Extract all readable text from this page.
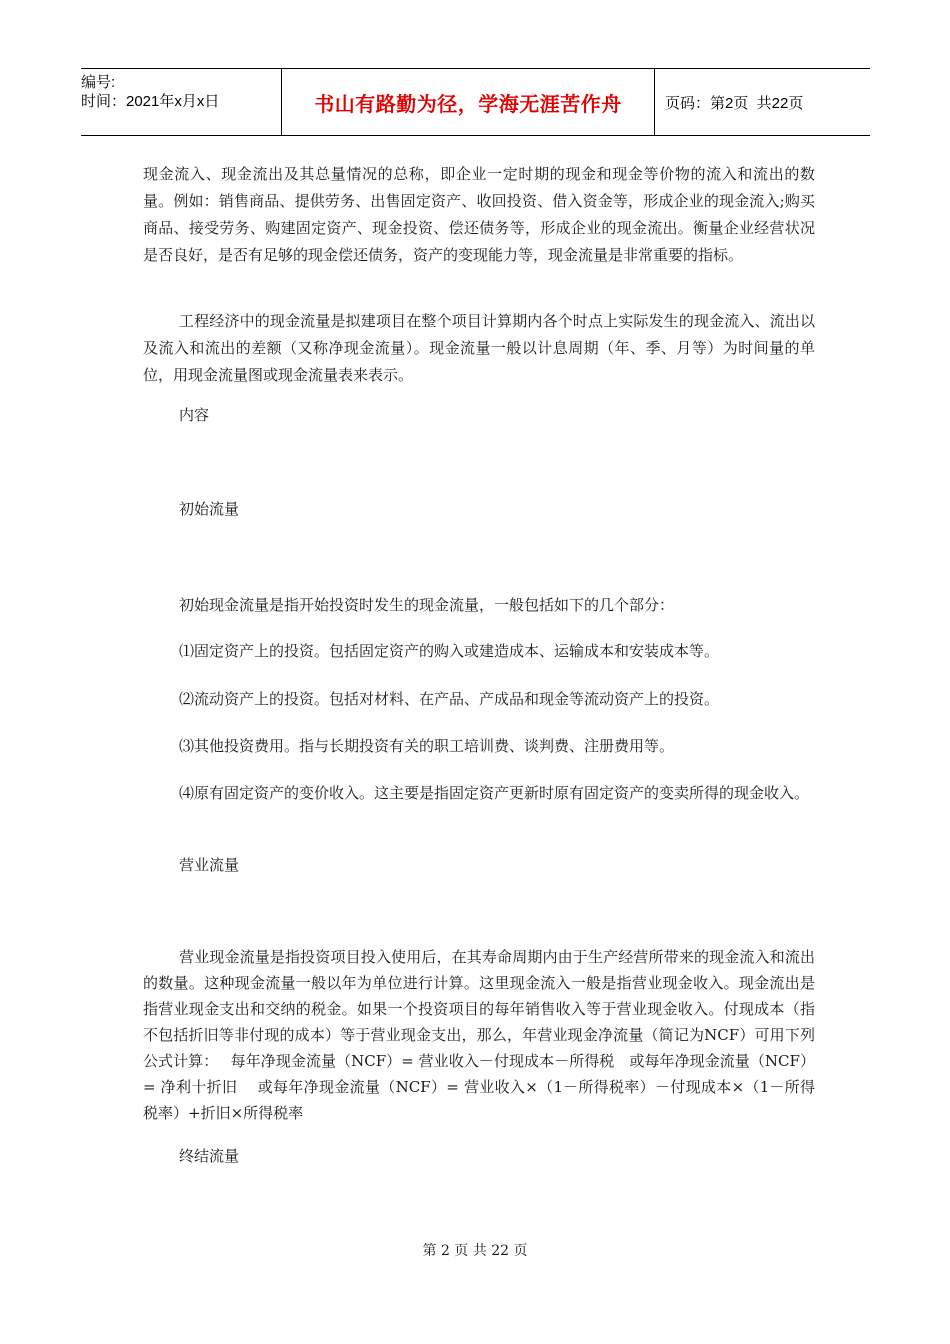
编号:
时间：2021年x月x日	书山有路勤为径，学海无涯苦作舟	页码：第2页  共22页

现金流入、现金流出及其总量情况的总称，即企业一定时期的现金和现金等价物的流入和流出的数量。例如：销售商品、提供劳务、出售固定资产、收回投资、借入资金等，形成企业的现金流入;购买商品、接受劳务、购建固定资产、现金投资、偿还债务等，形成企业的现金流出。衡量企业经营状况是否良好，是否有足够的现金偿还债务，资产的变现能力等，现金流量是非常重要的指标。

工程经济中的现金流量是拟建项目在整个项目计算期内各个时点上实际发生的现金流入、流出以及流入和流出的差额（又称净现金流量）。现金流量一般以计息周期（年、季、月等）为时间量的单位，用现金流量图或现金流量表来表示。

内容

初始流量

初始现金流量是指开始投资时发生的现金流量，一般包括如下的几个部分：

⑴固定资产上的投资。包括固定资产的购入或建造成本、运输成本和安装成本等。

⑵流动资产上的投资。包括对材料、在产品、产成品和现金等流动资产上的投资。

⑶其他投资费用。指与长期投资有关的职工培训费、谈判费、注册费用等。

⑷原有固定资产的变价收入。这主要是指固定资产更新时原有固定资产的变卖所得的现金收入。

营业流量

营业现金流量是指投资项目投入使用后，在其寿命周期内由于生产经营所带来的现金流入和流出的数量。这种现金流量一般以年为单位进行计算。这里现金流入一般是指营业现金收入。现金流出是指营业现金支出和交纳的税金。如果一个投资项目的每年销售收入等于营业现金收入。付现成本（指不包括折旧等非付现的成本）等于营业现金支出，那么，年营业现金净流量（简记为NCF）可用下列公式计算：　 每年净现金流量（NCF）= 营业收入－付现成本－所得税　或每年净现金流量（NCF）= 净利十折旧　 或每年净现金流量（NCF）= 营业收入×（1－所得税率）－付现成本×（1－所得税率）+折旧×所得税率

终结流量

第 2 页 共 22 页
